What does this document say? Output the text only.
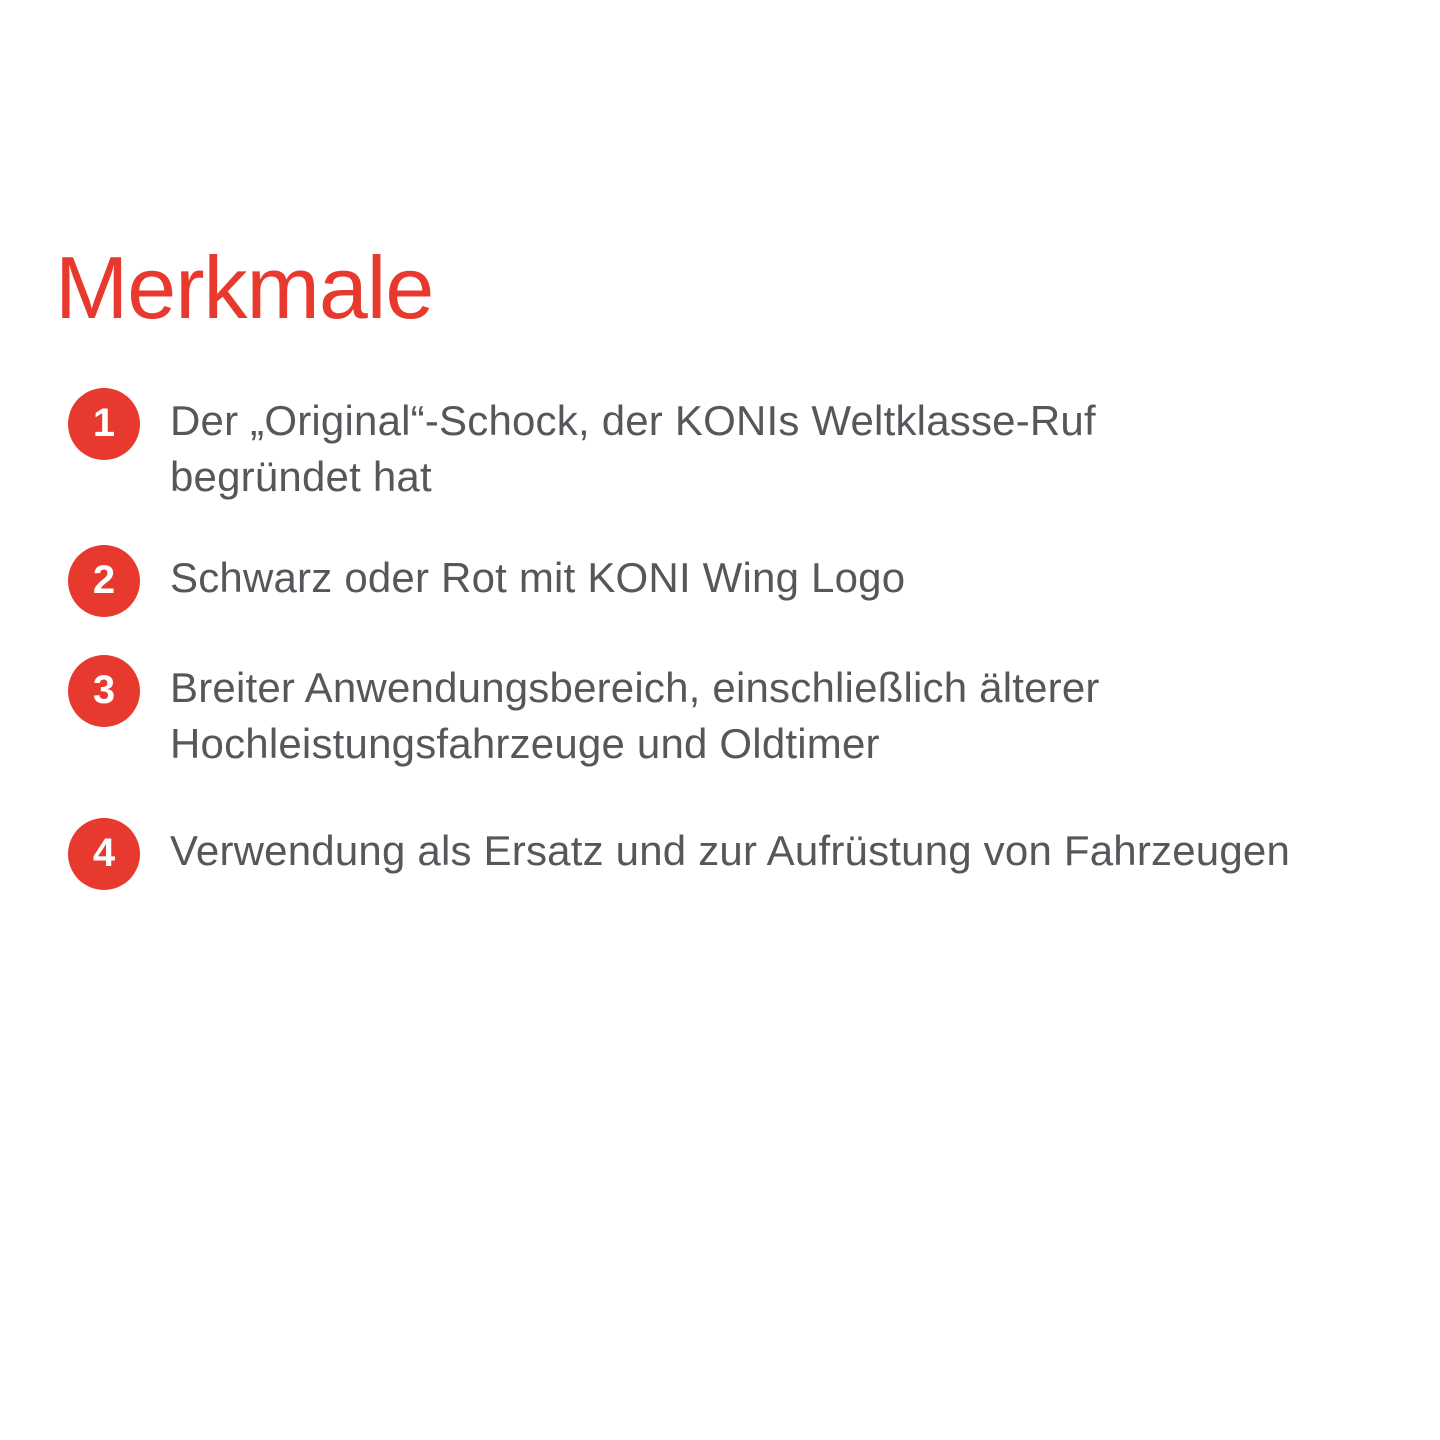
Merkmale
1 Der „Original“-Schock, der KONIs Weltklasse-Ruf
begründet hat
2 Schwarz oder Rot mit KONI Wing Logo
3 Breiter Anwendungsbereich, einschließlich älterer
Hochleistungsfahrzeuge und Oldtimer
4 Verwendung als Ersatz und zur Aufrüstung von Fahrzeugen
